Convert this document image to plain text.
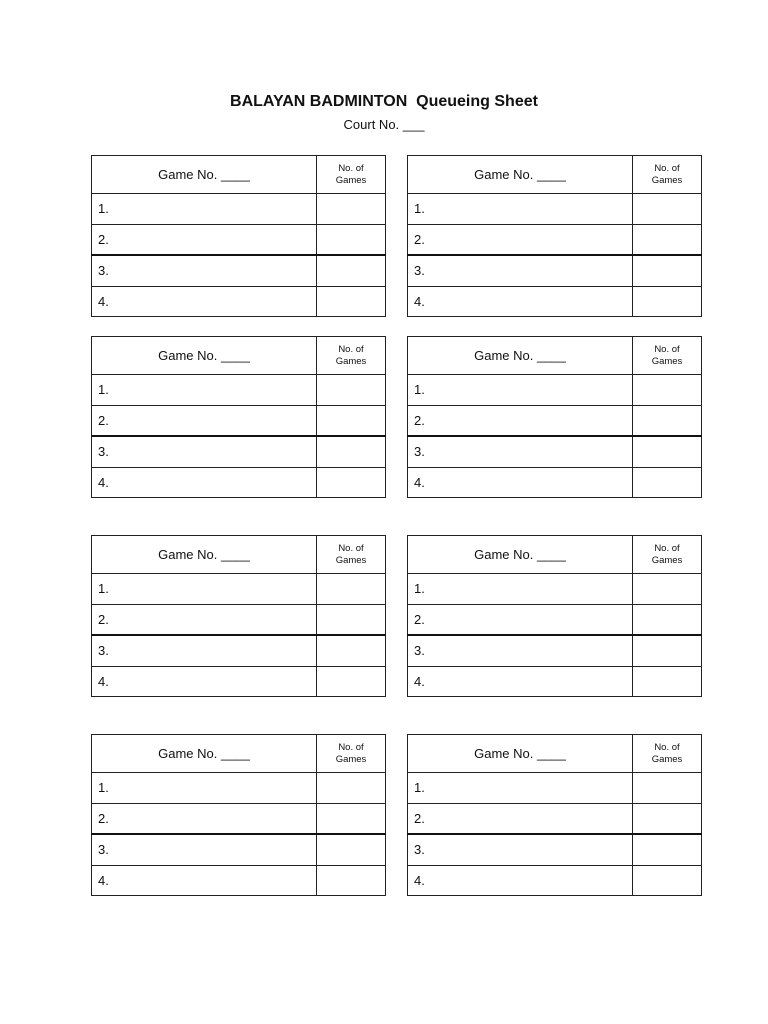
BALAYAN BADMINTON  Queueing Sheet
Court No. ___
Game No. ____	No. of
Games

1.	
2.	
3.	
4.	
Game No. ____	No. of
Games

1.	
2.	
3.	
4.	
Game No. ____	No. of
Games

1.	
2.	
3.	
4.	
Game No. ____	No. of
Games

1.	
2.	
3.	
4.	
Game No. ____	No. of
Games

1.	
2.	
3.	
4.	
Game No. ____	No. of
Games

1.	
2.	
3.	
4.	
Game No. ____	No. of
Games

1.	
2.	
3.	
4.	
Game No. ____	No. of
Games

1.	
2.	
3.	
4.	
